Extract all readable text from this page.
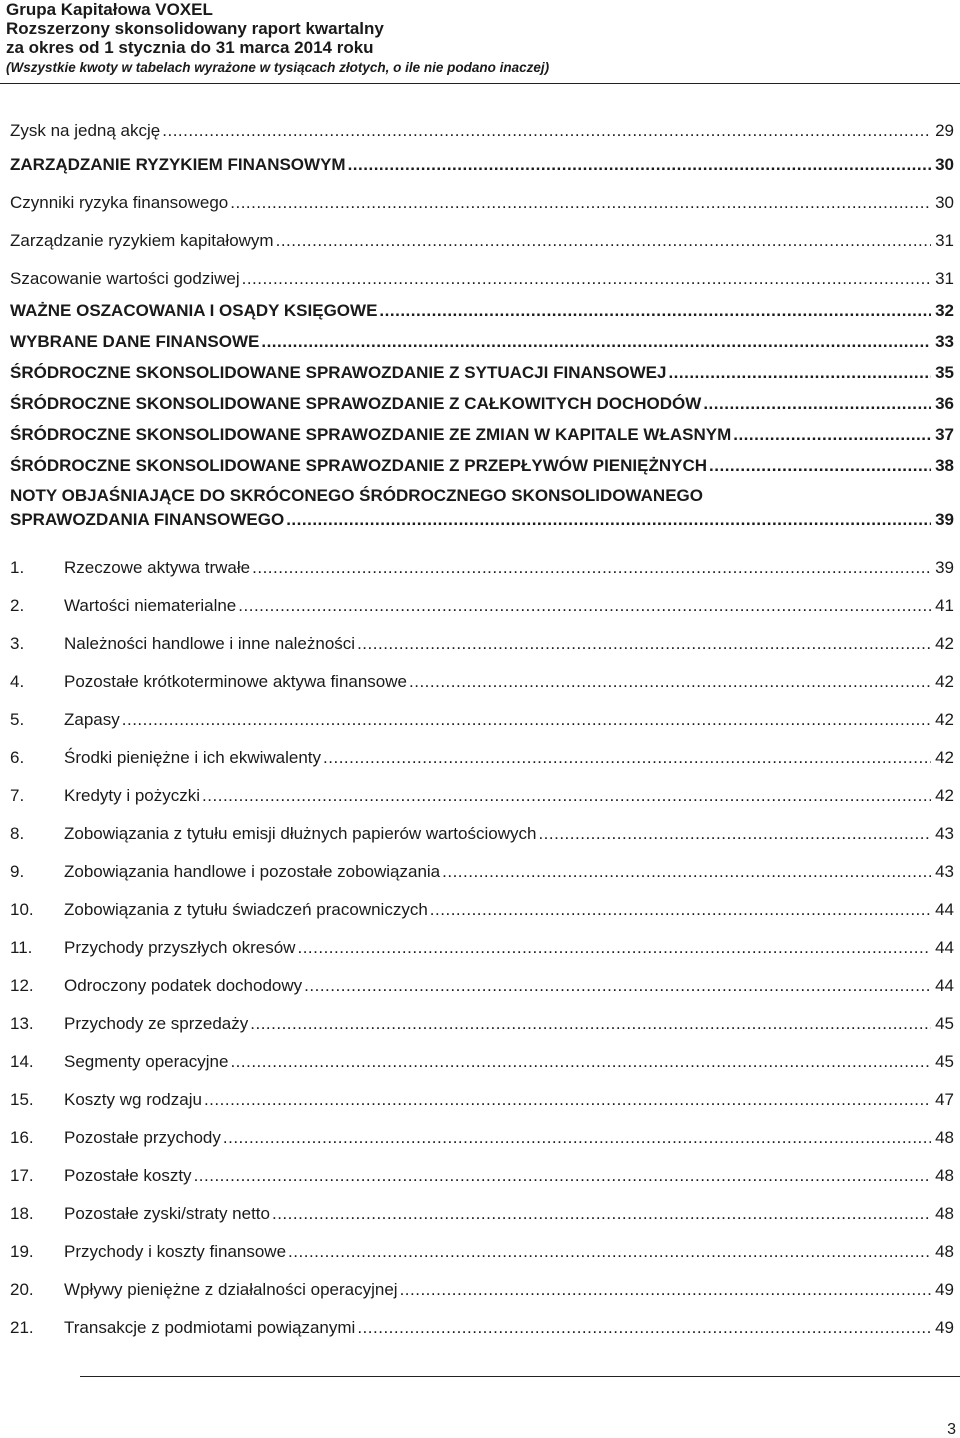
Grupa Kapitałowa VOXEL
Rozszerzony skonsolidowany raport kwartalny
za okres od 1 stycznia do 31 marca 2014 roku
(Wszystkie kwoty w tabelach wyrażone w tysiącach złotych, o ile nie podano inaczej)
Zysk na jedną akcję .....	29
ZARZĄDZANIE RYZYKIEM FINANSOWYM .....	30
Czynniki ryzyka finansowego .....	30
Zarządzanie ryzykiem kapitałowym .....	31
Szacowanie wartości godziwej .....	31
WAŻNE OSZACOWANIA I OSĄDY KSIĘGOWE .....	32
WYBRANE DANE FINANSOWE .....	33
ŚRÓDROCZNE SKONSOLIDOWANE SPRAWOZDANIE Z SYTUACJI FINANSOWEJ .....	35
ŚRÓDROCZNE SKONSOLIDOWANE SPRAWOZDANIE Z CAŁKOWITYCH DOCHODÓW .....	36
ŚRÓDROCZNE SKONSOLIDOWANE SPRAWOZDANIE ZE ZMIAN W KAPITALE WŁASNYM .....	37
ŚRÓDROCZNE SKONSOLIDOWANE SPRAWOZDANIE Z PRZEPŁYWÓW PIENIĘŻNYCH .....	38
NOTY OBJAŚNIAJĄCE DO SKRÓCONEGO ŚRÓDROCZNEGO SKONSOLIDOWANEGO
SPRAWOZDANIA FINANSOWEGO .....	39
1.	Rzeczowe aktywa trwałe .....	39
2.	Wartości niematerialne .....	41
3.	Należności handlowe i inne należności .....	42
4.	Pozostałe krótkoterminowe aktywa finansowe .....	42
5.	Zapasy .....	42
6.	Środki pieniężne i ich ekwiwalenty .....	42
7.	Kredyty i pożyczki .....	42
8.	Zobowiązania z tytułu emisji dłużnych papierów wartościowych .....	43
9.	Zobowiązania handlowe i pozostałe zobowiązania .....	43
10.	Zobowiązania z tytułu świadczeń pracowniczych .....	44
11.	Przychody przyszłych okresów .....	44
12.	Odroczony podatek dochodowy .....	44
13.	Przychody ze sprzedaży .....	45
14.	Segmenty operacyjne .....	45
15.	Koszty wg rodzaju .....	47
16.	Pozostałe przychody .....	48
17.	Pozostałe koszty .....	48
18.	Pozostałe zyski/straty netto .....	48
19.	Przychody i koszty finansowe .....	48
20.	Wpływy pieniężne z działalności operacyjnej .....	49
21.	Transakcje z podmiotami powiązanymi .....	49
3
